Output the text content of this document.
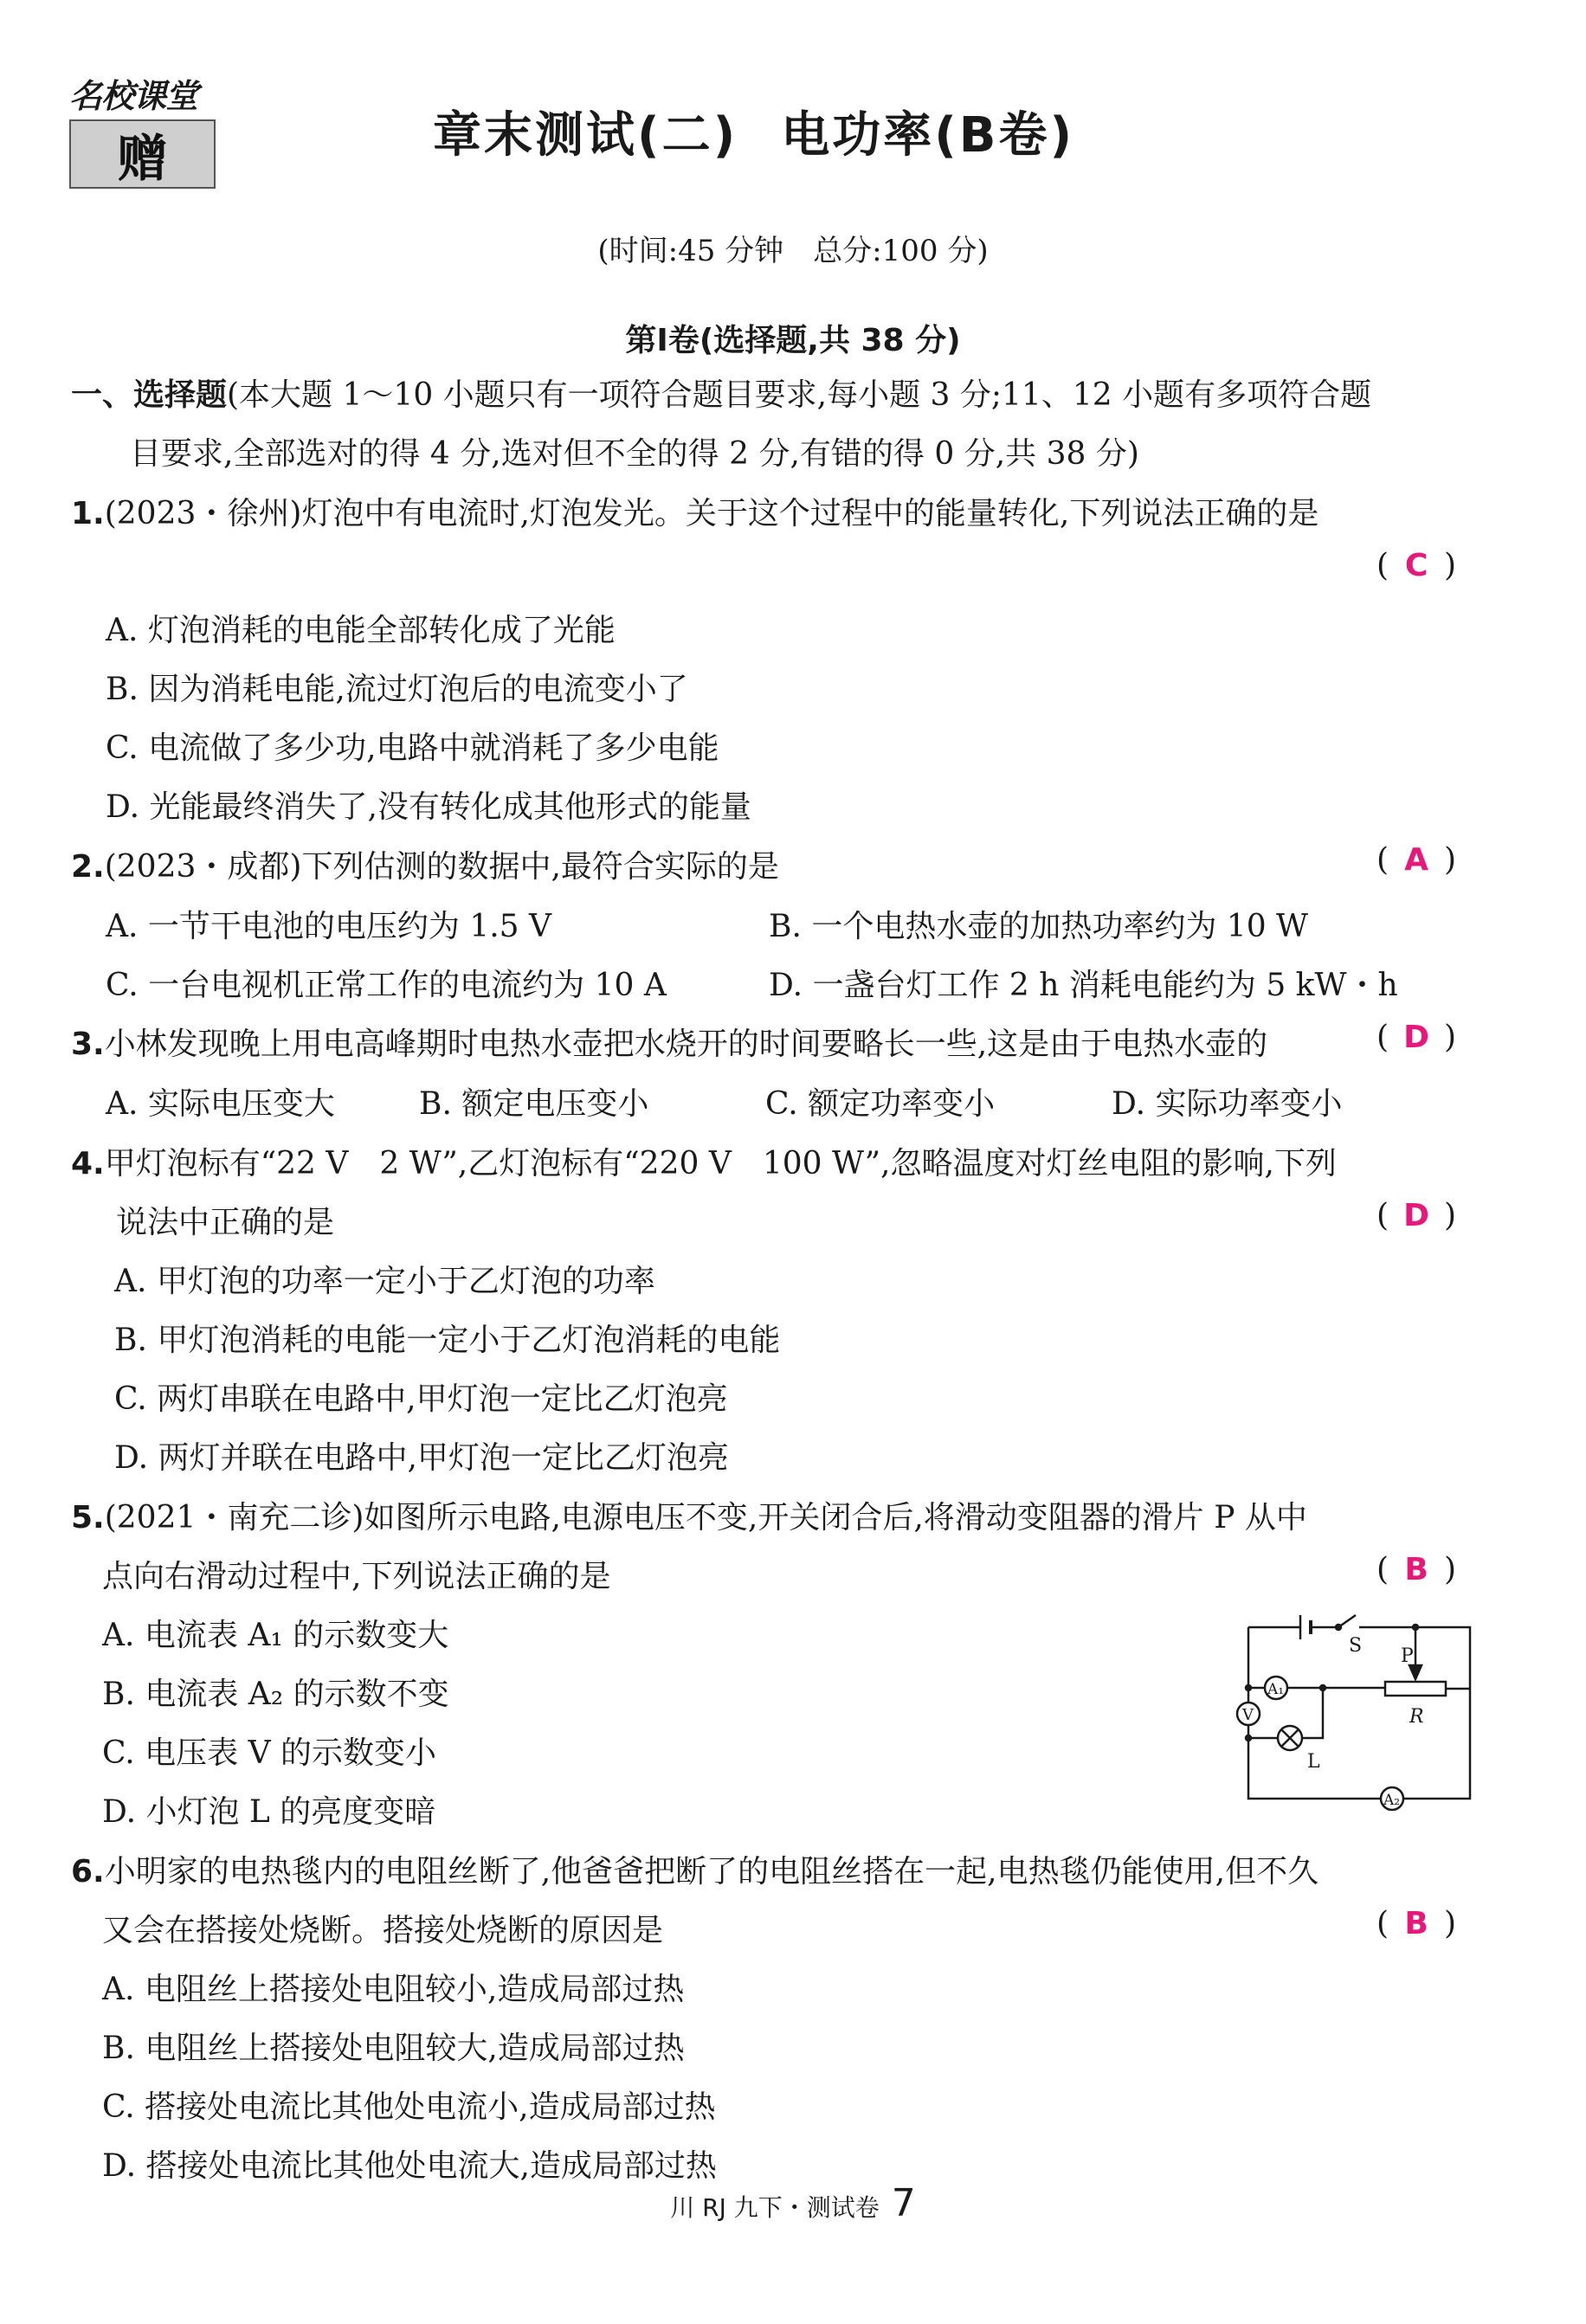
名校课堂
赠	章末测试(二) 电功率(B卷)
(时间:45 分钟　总分:100 分)
第Ⅰ卷(选择题,共 38 分)
一、选择题(本大题 1～10 小题只有一项符合题目要求,每小题 3 分;11、12 小题有多项符合题
目要求,全部选对的得 4 分,选对但不全的得 2 分,有错的得 0 分,共 38 分)
1.(2023・徐州)灯泡中有电流时,灯泡发光。关于这个过程中的能量转化,下列说法正确的是
( C )
A. 灯泡消耗的电能全部转化成了光能
B. 因为消耗电能,流过灯泡后的电流变小了
C. 电流做了多少功,电路中就消耗了多少电能
D. 光能最终消失了,没有转化成其他形式的能量
2.(2023・成都)下列估测的数据中,最符合实际的是	( A )
A. 一节干电池的电压约为 1.5 V	B. 一个电热水壶的加热功率约为 10 W
C. 一台电视机正常工作的电流约为 10 A	D. 一盏台灯工作 2 h 消耗电能约为 5 kW・h
3.小林发现晚上用电高峰期时电热水壶把水烧开的时间要略长一些,这是由于电热水壶的	( D )
A. 实际电压变大	B. 额定电压变小	C. 额定功率变小	D. 实际功率变小
4.甲灯泡标有“22 V　2 W”,乙灯泡标有“220 V　100 W”,忽略温度对灯丝电阻的影响,下列
说法中正确的是	( D )
A. 甲灯泡的功率一定小于乙灯泡的功率
B. 甲灯泡消耗的电能一定小于乙灯泡消耗的电能
C. 两灯串联在电路中,甲灯泡一定比乙灯泡亮
D. 两灯并联在电路中,甲灯泡一定比乙灯泡亮
5.(2021・南充二诊)如图所示电路,电源电压不变,开关闭合后,将滑动变阻器的滑片 P 从中
点向右滑动过程中,下列说法正确的是	( B )
A. 电流表 A₁ 的示数变大
B. 电流表 A₂ 的示数不变
C. 电压表 V 的示数变小
D. 小灯泡 L 的亮度变暗
S P
A₁
V	R
L
A₂
6.小明家的电热毯内的电阻丝断了,他爸爸把断了的电阻丝搭在一起,电热毯仍能使用,但不久
又会在搭接处烧断。搭接处烧断的原因是	( B )
A. 电阻丝上搭接处电阻较小,造成局部过热
B. 电阻丝上搭接处电阻较大,造成局部过热
C. 搭接处电流比其他处电流小,造成局部过热
D. 搭接处电流比其他处电流大,造成局部过热
川 RJ 九下・测试卷 7
